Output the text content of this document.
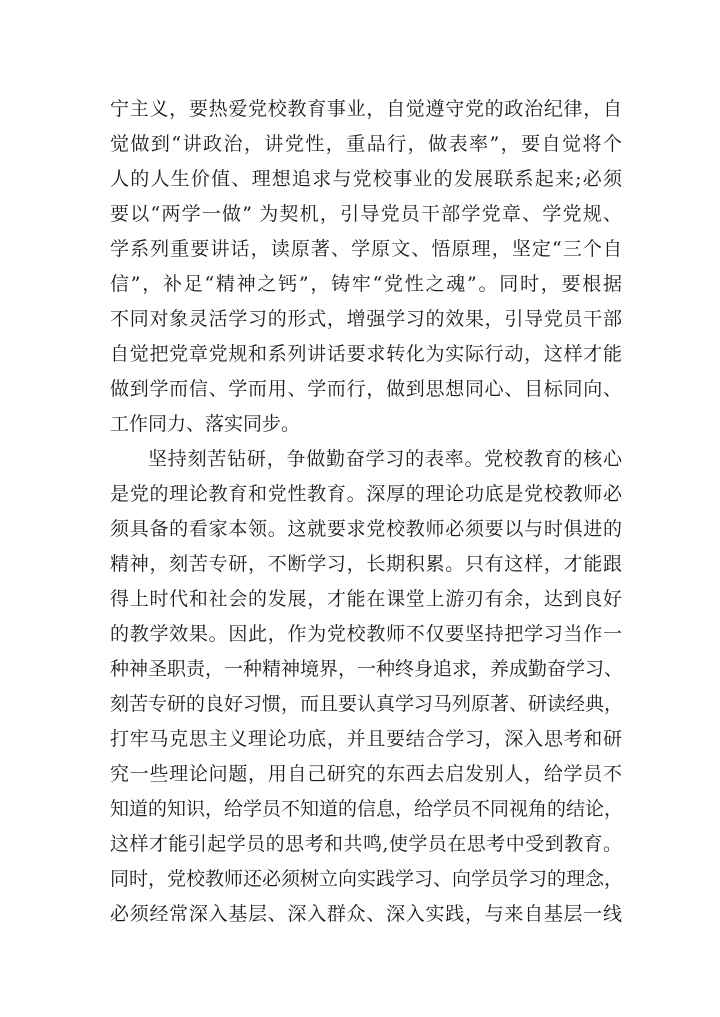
宁主义，要热爱党校教育事业，自觉遵守党的政治纪律，自
觉做到“讲政治，讲党性，重品行，做表率”，要自觉将个
人的人生价值、理想追求与党校事业的发展联系起来;必须
要以“两学一做” 为契机，引导党员干部学党章、学党规、
学系列重要讲话，读原著、学原文、悟原理，坚定“三个自
信”，补足“精神之钙”，铸牢“党性之魂”。同时，要根据
不同对象灵活学习的形式，增强学习的效果，引导党员干部
自觉把党章党规和系列讲话要求转化为实际行动，这样才能
做到学而信、学而用、学而行，做到思想同心、目标同向、
工作同力、落实同步。
坚持刻苦钻研，争做勤奋学习的表率。党校教育的核心
是党的理论教育和党性教育。深厚的理论功底是党校教师必
须具备的看家本领。这就要求党校教师必须要以与时俱进的
精神，刻苦专研，不断学习，长期积累。只有这样，才能跟
得上时代和社会的发展，才能在课堂上游刃有余，达到良好
的教学效果。因此，作为党校教师不仅要坚持把学习当作一
种神圣职责，一种精神境界，一种终身追求，养成勤奋学习、
刻苦专研的良好习惯，而且要认真学习马列原著、研读经典，
打牢马克思主义理论功底，并且要结合学习，深入思考和研
究一些理论问题，用自己研究的东西去启发别人，给学员不
知道的知识，给学员不知道的信息，给学员不同视角的结论，
这样才能引起学员的思考和共鸣,使学员在思考中受到教育。
同时，党校教师还必须树立向实践学习、向学员学习的理念，
必须经常深入基层、深入群众、深入实践，与来自基层一线
